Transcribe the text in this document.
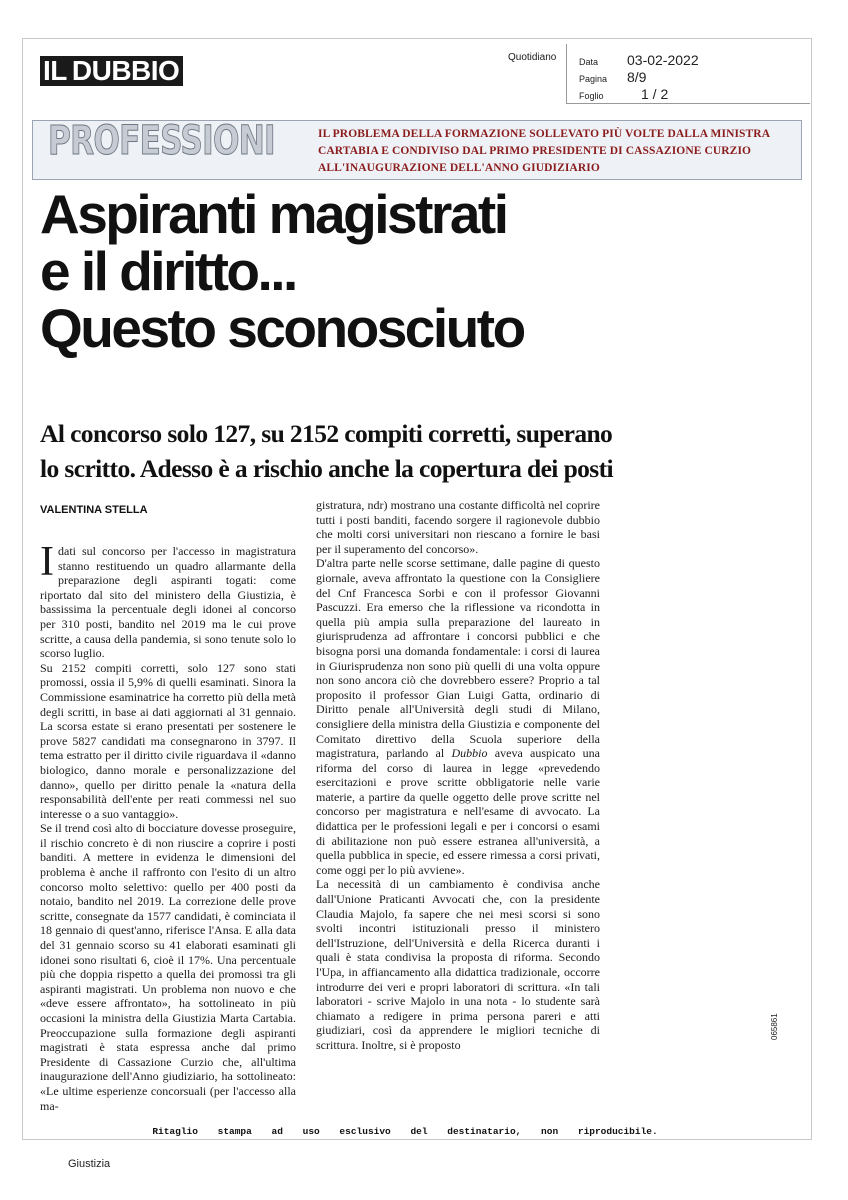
IL DUBBIO	Quotidiano	Data	03-02-2022
Pagina	8/9
Foglio	1 / 2
PROFESSIONI	IL PROBLEMA DELLA FORMAZIONE SOLLEVATO PIÙ VOLTE DALLA MINISTRA CARTABIA E CONDIVISO DAL PRIMO PRESIDENTE DI CASSAZIONE CURZIO ALL'INAUGURAZIONE DELL'ANNO GIUDIZIARIO
Aspiranti magistrati
e il diritto...
Questo sconosciuto
Al concorso solo 127, su 2152 compiti corretti, superano
lo scritto. Adesso è a rischio anche la copertura dei posti
VALENTINA STELLA

Idati sul concorso per l'accesso in magistratura stanno restituendo un quadro allarmante della preparazione degli aspiranti togati: come riportato dal sito del ministero della Giustizia, è bassissima la percentuale degli idonei al concorso per 310 posti, bandito nel 2019 ma le cui prove scritte, a causa della pandemia, si sono tenute solo lo scorso luglio.

Su 2152 compiti corretti, solo 127 sono stati promossi, ossia il 5,9% di quelli esaminati. Sinora la Commissione esaminatrice ha corretto più della metà degli scritti, in base ai dati aggiornati al 31 gennaio. La scorsa estate si erano presentati per sostenere le prove 5827 candidati ma consegnarono in 3797. Il tema estratto per il diritto civile riguardava il «danno biologico, danno morale e personalizzazione del danno», quello per diritto penale la «natura della responsabilità dell'ente per reati commessi nel suo interesse o a suo vantaggio».

Se il trend così alto di bocciature dovesse proseguire, il rischio concreto è di non riuscire a coprire i posti banditi. A mettere in evidenza le dimensioni del problema è anche il raffronto con l'esito di un altro concorso molto selettivo: quello per 400 posti da notaio, bandito nel 2019. La correzione delle prove scritte, consegnate da 1577 candidati, è cominciata il 18 gennaio di quest'anno, riferisce l'Ansa. E alla data del 31 gennaio scorso su 41 elaborati esaminati gli idonei sono risultati 6, cioè il 17%. Una percentuale più che doppia rispetto a quella dei promossi tra gli aspiranti magistrati. Un problema non nuovo e che «deve essere affrontato», ha sottolineato in più occasioni la ministra della Giustizia Marta Cartabia. Preoccupazione sulla formazione degli aspiranti magistrati è stata espressa anche dal primo Presidente di Cassazione Curzio che, all'ultima inaugurazione dell'Anno giudiziario, ha sottolineato: «Le ultime esperienze concorsuali (per l'accesso alla ma-

gistratura, ndr) mostrano una costante difficoltà nel coprire tutti i posti banditi, facendo sorgere il ragionevole dubbio che molti corsi universitari non riescano a fornire le basi per il superamento del concorso».

D'altra parte nelle scorse settimane, dalle pagine di questo giornale, aveva affrontato la questione con la Consigliere del Cnf Francesca Sorbi e con il professor Giovanni Pascuzzi. Era emerso che la riflessione va ricondotta in quella più ampia sulla preparazione del laureato in giurisprudenza ad affrontare i concorsi pubblici e che bisogna porsi una domanda fondamentale: i corsi di laurea in Giurisprudenza non sono più quelli di una volta oppure non sono ancora ciò che dovrebbero essere? Proprio a tal proposito il professor Gian Luigi Gatta, ordinario di Diritto penale all'Università degli studi di Milano, consigliere della ministra della Giustizia e componente del Comitato direttivo della Scuola superiore della magistratura, parlando al Dubbio aveva auspicato una riforma del corso di laurea in legge «prevedendo esercitazioni e prove scritte obbligatorie nelle varie materie, a partire da quelle oggetto delle prove scritte nel concorso per magistratura e nell'esame di avvocato. La didattica per le professioni legali e per i concorsi o esami di abilitazione non può essere estranea all'università, a quella pubblica in specie, ed essere rimessa a corsi privati, come oggi per lo più avviene».

La necessità di un cambiamento è condivisa anche dall'Unione Praticanti Avvocati che, con la presidente Claudia Majolo, fa sapere che nei mesi scorsi si sono svolti incontri istituzionali presso il ministero dell'Istruzione, dell'Università e della Ricerca duranti i quali è stata condivisa la proposta di riforma. Secondo l'Upa, in affiancamento alla didattica tradizionale, occorre introdurre dei veri e propri laboratori di scrittura. «In tali laboratori - scrive Majolo in una nota - lo studente sarà chiamato a redigere in prima persona pareri e atti giudiziari, così da apprendere le migliori tecniche di scrittura. Inoltre, si è proposto

065861
Ritaglio stampa ad uso esclusivo del destinatario, non riproducibile.
Giustizia
